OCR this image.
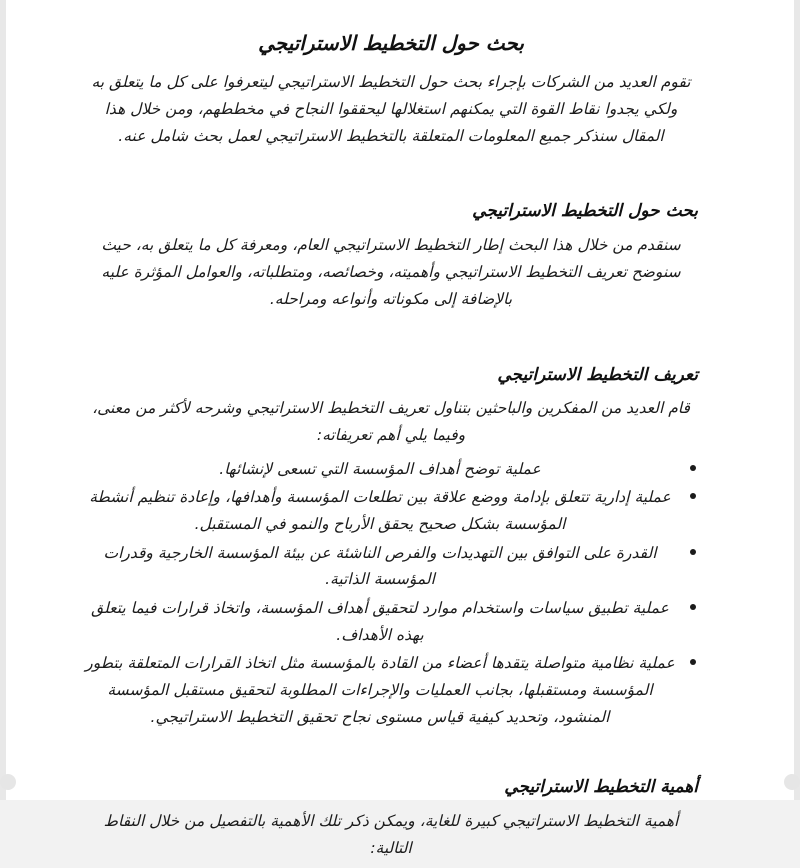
بحث حول التخطيط الاستراتيجي

تقوم العديد من الشركات بإجراء بحث حول التخطيط الاستراتيجي ليتعرفوا على كل ما يتعلق به ولكي يجدوا نقاط القوة التي يمكنهم استغلالها ليحققوا النجاح في مخططهم، ومن خلال هذا المقال سنذكر جميع المعلومات المتعلقة بالتخطيط الاستراتيجي لعمل بحث شامل عنه.

بحث حول التخطيط الاستراتيجي

سنقدم من خلال هذا البحث إطار التخطيط الاستراتيجي العام، ومعرفة كل ما يتعلق به، حيث سنوضح تعريف التخطيط الاستراتيجي وأهميته، وخصائصه، ومتطلباته، والعوامل المؤثرة عليه بالإضافة إلى مكوناته وأنواعه ومراحله.

تعريف التخطيط الاستراتيجي

قام العديد من المفكرين والباحثين بتناول تعريف التخطيط الاستراتيجي وشرحه لأكثر من معنى، وفيما يلي أهم تعريفاته:

عملية توضح أهداف المؤسسة التي تسعى لإنشائها.
عملية إدارية تتعلق بإدامة ووضع علاقة بين تطلعات المؤسسة وأهدافها، وإعادة تنظيم أنشطة المؤسسة بشكل صحيح يحقق الأرباح والنمو في المستقبل.
القدرة على التوافق بين التهديدات والفرص الناشئة عن بيئة المؤسسة الخارجية وقدرات المؤسسة الذاتية.
عملية تطبيق سياسات واستخدام موارد لتحقيق أهداف المؤسسة، واتخاذ قرارات فيما يتعلق بهذه الأهداف.
عملية نظامية متواصلة يتقدها أعضاء من القادة بالمؤسسة مثل اتخاذ القرارات المتعلقة بتطور المؤسسة ومستقبلها، بجانب العمليات والإجراءات المطلوبة لتحقيق مستقبل المؤسسة المنشود، وتحديد كيفية قياس مستوى نجاح تحقيق التخطيط الاستراتيجي.
أهمية التخطيط الاستراتيجي

أهمية التخطيط الاستراتيجي كبيرة للغاية، ويمكن ذكر تلك الأهمية بالتفصيل من خلال النقاط التالية:
